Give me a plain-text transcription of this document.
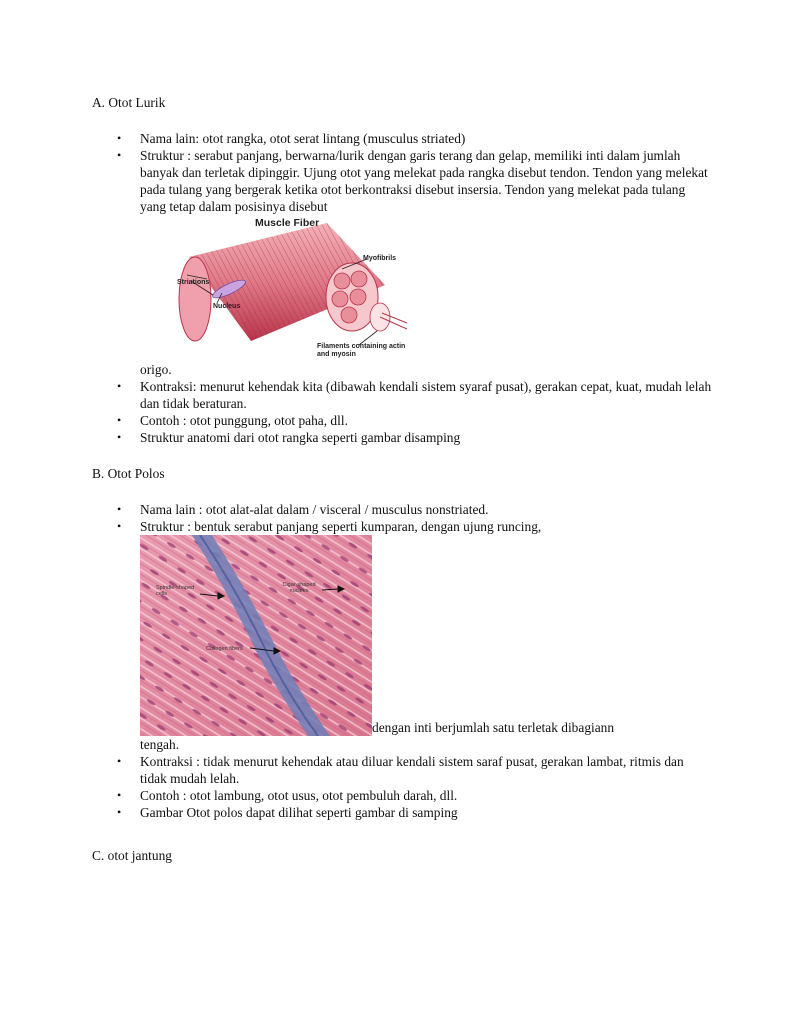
A. Otot Lurik
• Nama lain: otot rangka, otot serat lintang (musculus striated)
• Struktur : serabut panjang, berwarna/lurik dengan garis terang dan gelap, memiliki inti dalam jumlah banyak dan terletak dipinggir. Ujung otot yang melekat pada rangka disebut tendon. Tendon yang melekat pada tulang yang bergerak ketika otot berkontraksi disebut insersia. Tendon yang melekat pada tulang yang tetap dalam posisinya disebut
Muscle Fiber
Myofibrils
Striations
Nucleus
Filaments containing actin and myosin
origo.
• Kontraksi: menurut kehendak kita (dibawah kendali sistem syaraf pusat), gerakan cepat, kuat, mudah lelah dan tidak beraturan.
• Contoh : otot punggung, otot paha, dll.
• Struktur anatomi dari otot rangka seperti gambar disamping
B. Otot Polos
• Nama lain : otot alat-alat dalam / visceral / musculus nonstriated.
• Struktur : bentuk serabut panjang seperti kumparan, dengan ujung runcing,
Spindle-shaped cells
Cigar-shaped nucleus
Collagen fibers
dengan inti berjumlah satu terletak dibagiann
tengah.
• Kontraksi : tidak menurut kehendak atau diluar kendali sistem saraf pusat, gerakan lambat, ritmis dan tidak mudah lelah.
• Contoh : otot lambung, otot usus, otot pembuluh darah, dll.
• Gambar Otot polos dapat dilihat seperti gambar di samping
C. otot jantung
